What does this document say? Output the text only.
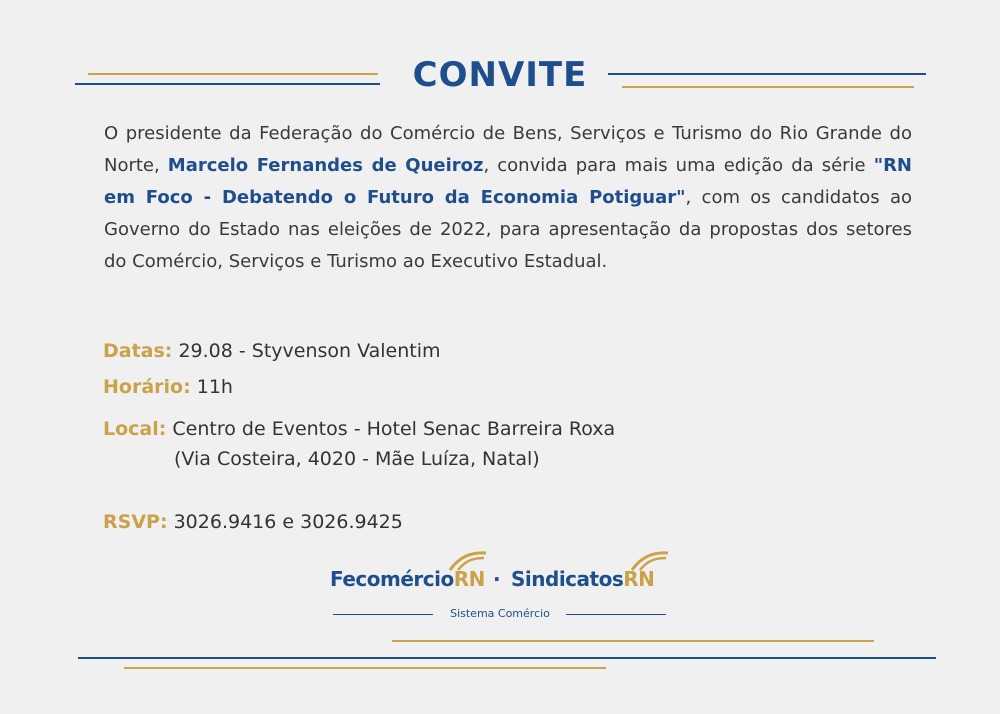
CONVITE
O presidente da Federação do Comércio de Bens, Serviços e Turismo do Rio Grande do Norte, Marcelo Fernandes de Queiroz, convida para mais uma edição da série "RN em Foco - Debatendo o Futuro da Economia Potiguar", com os candidatos ao Governo do Estado nas eleições de 2022, para apresentação da propostas dos setores do Comércio, Serviços e Turismo ao Executivo Estadual.
Datas: 29.08 - Styvenson Valentim
Horário: 11h
Local: Centro de Eventos - Hotel Senac Barreira Roxa
(Via Costeira, 4020 - Mãe Luíza, Natal)
RSVP: 3026.9416 e 3026.9425
FecomércioRN · SindicatosRN
Sistema Comércio
